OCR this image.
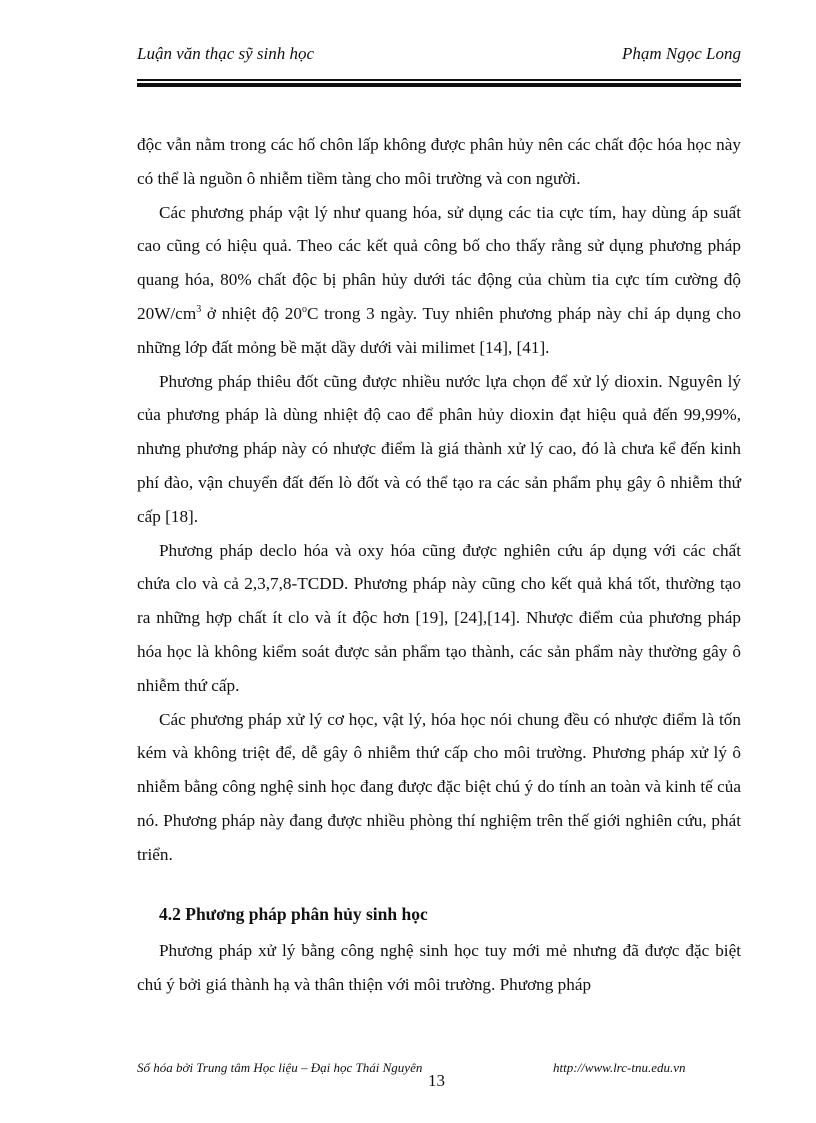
Luận văn thạc sỹ sinh học	Phạm Ngọc Long

độc vẫn nằm trong các hố chôn lấp không được phân hủy nên các chất độc hóa học này có thể là nguồn ô nhiễm tiềm tàng cho môi trường và con người.

Các phương pháp vật lý như quang hóa, sử dụng các tia cực tím, hay dùng áp suất cao cũng có hiệu quả. Theo các kết quả công bố cho thấy rằng sử dụng phương pháp quang hóa, 80% chất độc bị phân hủy dưới tác động của chùm tia cực tím cường độ $20W/cm^3$ ở nhiệt độ 20$^o$C trong 3 ngày. Tuy nhiên phương pháp này chỉ áp dụng cho những lớp đất mỏng bề mặt dầy dưới vài milimet [14], [41].

Phương pháp thiêu đốt cũng được nhiều nước lựa chọn để xử lý dioxin. Nguyên lý của phương pháp là dùng nhiệt độ cao để phân hủy dioxin đạt hiệu quả đến 99,99%, nhưng phương pháp này có nhược điểm là giá thành xử lý cao, đó là chưa kể đến kinh phí đào, vận chuyển đất đến lò đốt và có thể tạo ra các sản phẩm phụ gây ô nhiễm thứ cấp [18].

Phương pháp declo hóa và oxy hóa cũng được nghiên cứu áp dụng với các chất chứa clo và cả 2,3,7,8-TCDD. Phương pháp này cũng cho kết quả khá tốt, thường tạo ra những hợp chất ít clo và ít độc hơn [19], [24],[14]. Nhược điểm của phương pháp hóa học là không kiểm soát được sản phẩm tạo thành, các sản phẩm này thường gây ô nhiễm thứ cấp.

Các phương pháp xử lý cơ học, vật lý, hóa học nói chung đều có nhược điểm là tốn kém và không triệt để, dễ gây ô nhiễm thứ cấp cho môi trường. Phương pháp xử lý ô nhiễm bằng công nghệ sinh học đang được đặc biệt chú ý do tính an toàn và kinh tế của nó. Phương pháp này đang được nhiều phòng thí nghiệm trên thế giới nghiên cứu, phát triển.

4.2 Phương pháp phân hủy sinh học

Phương pháp xử lý bằng công nghệ sinh học tuy mới mẻ nhưng đã được đặc biệt chú ý bởi giá thành hạ và thân thiện với môi trường. Phương pháp

Số hóa bởi Trung tâm Học liệu – Đại học Thái Nguyên	http://www.lrc-tnu.edu.vn
13
